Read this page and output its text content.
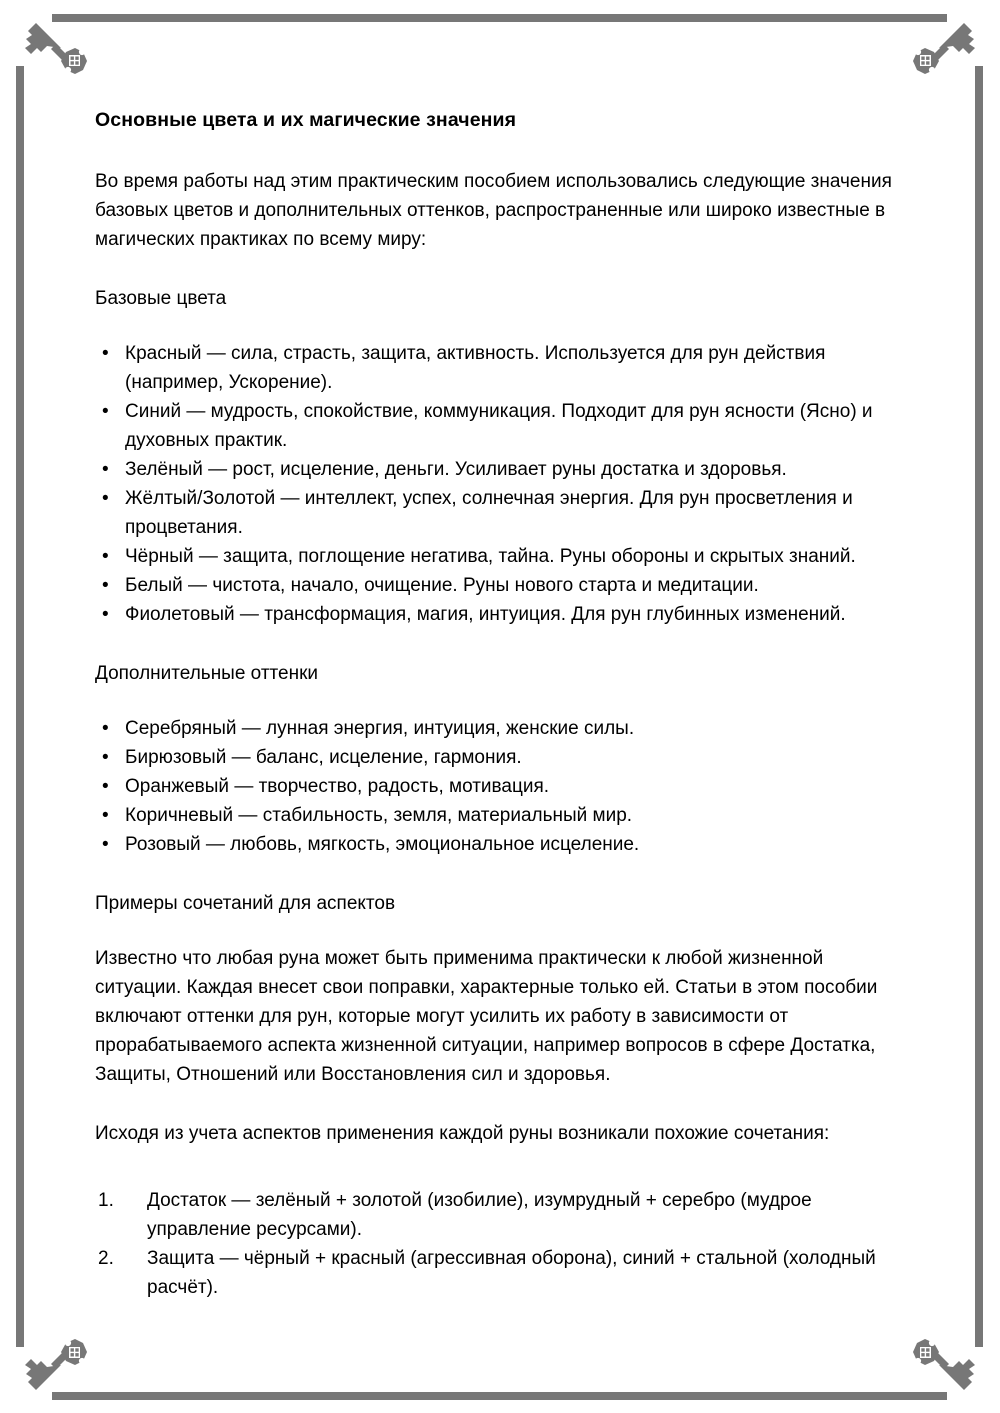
Основные цвета и их магические значения

Во время работы над этим практическим пособием использовались следующие значения базовых цветов и дополнительных оттенков, распространенные или широко известные в магических практиках по всему миру:

Базовые цвета

• Красный — сила, страсть, защита, активность. Используется для рун действия (например, Ускорение).
• Синий — мудрость, спокойствие, коммуникация. Подходит для рун ясности (Ясно) и духовных практик.
• Зелёный — рост, исцеление, деньги. Усиливает руны достатка и здоровья.
• Жёлтый/Золотой — интеллект, успех, солнечная энергия. Для рун просветления и процветания.
• Чёрный — защита, поглощение негатива, тайна. Руны обороны и скрытых знаний.
• Белый — чистота, начало, очищение. Руны нового старта и медитации.
• Фиолетовый — трансформация, магия, интуиция. Для рун глубинных изменений.

Дополнительные оттенки

• Серебряный — лунная энергия, интуиция, женские силы.
• Бирюзовый — баланс, исцеление, гармония.
• Оранжевый — творчество, радость, мотивация.
• Коричневый — стабильность, земля, материальный мир.
• Розовый — любовь, мягкость, эмоциональное исцеление.

Примеры сочетаний для аспектов

Известно что любая руна может быть применима практически к любой жизненной ситуации. Каждая внесет свои поправки, характерные только ей. Статьи в этом пособии включают оттенки для рун, которые могут усилить их работу в зависимости от прорабатываемого аспекта жизненной ситуации, например вопросов в сфере Достатка, Защиты, Отношений или Восстановления сил и здоровья.

Исходя из учета аспектов применения каждой руны возникали похожие сочетания:

1.	Достаток — зелёный + золотой (изобилие), изумрудный + серебро (мудрое управление ресурсами).
2.	Защита — чёрный + красный (агрессивная оборона), синий + стальной (холодный расчёт).
